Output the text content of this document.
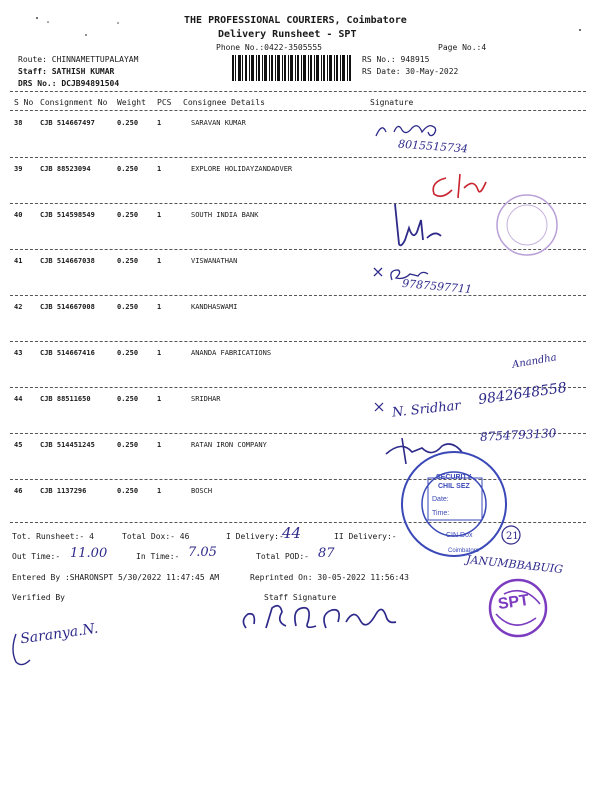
THE PROFESSIONAL COURIERS, Coimbatore
Delivery Runsheet - SPT
Phone No.:0422-3505555	Page No.:4
Route: CHINNAMETTUPALAYAM
Staff: SATHISH KUMAR
DRS No.: DCJB94891504
RS No.: 948915
RS Date: 30-May-2022
S No Consignment No Weight PCS Consignee Details	Signature
38	CJB 514667497	0.250	1	SARAVAN KUMAR
39	CJB 88523094	0.250	1	EXPLORE HOLIDAYZANDADVER
40	CJB 514598549	0.250	1	SOUTH INDIA BANK
41	CJB 514667038	0.250	1	VISWANATHAN
42	CJB 514667008	0.250	1	KANDHASWAMI
43	CJB 514667416	0.250	1	ANANDA FABRICATIONS
44	CJB 88511650	0.250	1	SRIDHAR
45	CJB 514451245	0.250	1	RATAN IRON COMPANY
46	CJB 1137296	0.250	1	BOSCH
Tot. Runsheet:- 4	Total Dox:- 46	I Delivery:-
44	II Delivery:-
Out Time:- 11.00	In Time:- 7.05	Total POD:- 87
Entered By :SHARONSPT 5/30/2022 11:47:45 AM	Reprinted On: 30-05-2022 11:56:43
Verified By	Staff Signature
8015515734
9787597711
Anandha
N. Sridhar
9842648558
8754793130
SECURITY
CHIL SEZ
Date:
Time:
Coimbatore
CIN Dox	21
JANUMBBABUIG
SPT
Saranya.N.
